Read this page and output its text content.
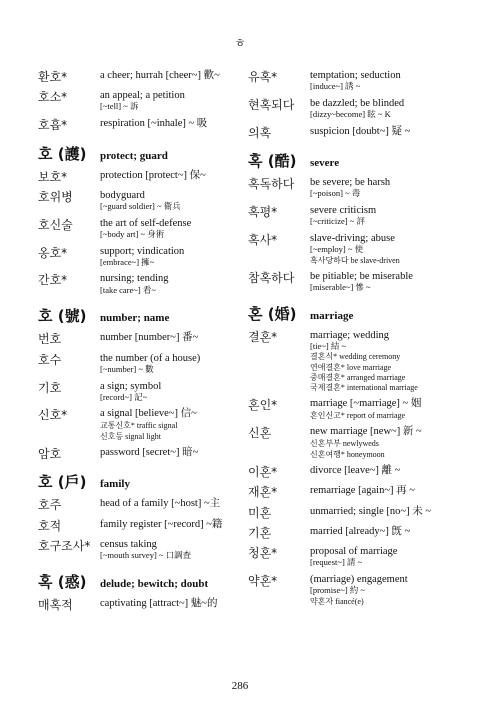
ㅎ
환호*	a cheer; hurrah [cheer~] 歡~
호소*	an appeal; a petition
[~tell] ~ 訴
호흡*	respiration [~inhale] ~ 吸
호 (護)	protect; guard
보호*	protection [protect~] 保~
호위병	bodyguard
[~guard soldier] ~ 衛兵
호신술	the art of self-defense
[~body art] ~ 身術
옹호*	support; vindication
[embrace~] 擁~
간호*	nursing; tending
[take care~] 看~
호 (號)	number; name
번호	number [number~] 番~
호수	the number (of a house)
[~number] ~ 數
기호	a sign; symbol
[record~] 記~
신호*	a signal [believe~] 信~
교통신호* traffic signal
신호등 signal light
암호	password [secret~] 暗~
호 (戶)	family
호주	head of a family [~host] ~主
호적	family register [~record] ~籍
호구조사* census taking
[~mouth survey] ~ 口調査
혹 (惑)	delude; bewitch; doubt
매혹적	captivating [attract~] 魅~的
유혹*	temptation; seduction
[induce~] 誘 ~
현혹되다	be dazzled; be blinded
[dizzy~become] 眩 ~ K
의혹	suspicion [doubt~] 疑 ~
혹 (酷)	severe
혹독하다	be severe; be harsh
[~poison] ~ 毒
혹평*	severe criticism
[~criticize] ~ 評
혹사*	slave-driving; abuse
[~employ] ~ 使
혹사당하다 be slave-driven
참혹하다	be pitiable; be miserable
[miserable~] 慘 ~
혼 (婚)	marriage
결혼*	marriage; wedding
[tie~] 結 ~
결혼식* wedding ceremony
연애결혼* love marriage
중매결혼* arranged marriage
국제결혼* international marriage
혼인*	marriage [~marriage] ~ 姻
혼인신고* report of marriage
신혼	new marriage [new~] 新 ~
신혼부부 newlyweds
신혼여행* honeymoon
이혼*	divorce [leave~] 離 ~
재혼*	remarriage [again~] 再 ~
미혼	unmarried; single [no~] 未 ~
기혼	married [already~] 旣 ~
청혼*	proposal of marriage
[request~] 請 ~
약혼*	(marriage) engagement
[promise~] 約 ~
약혼자 fiancé(e)
286
